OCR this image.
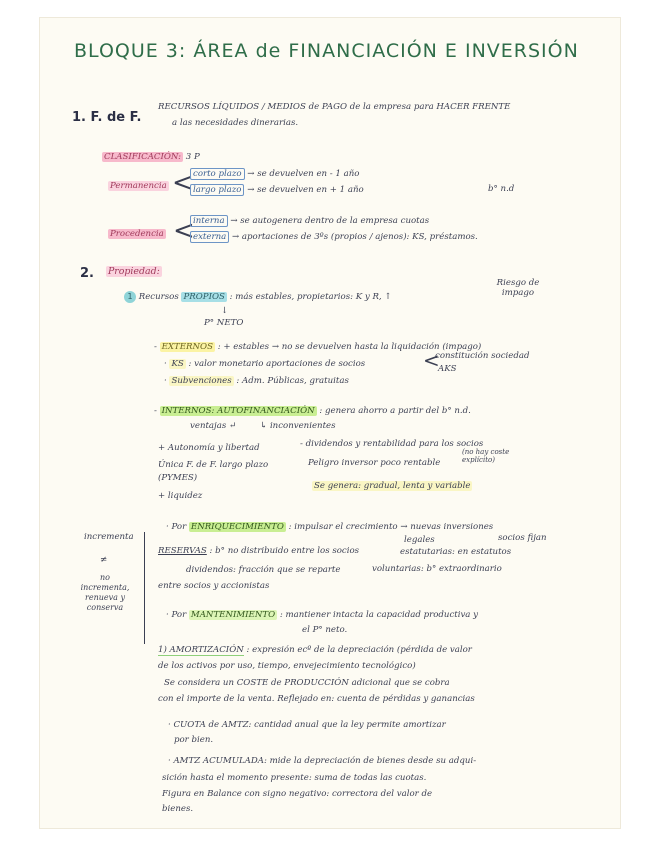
BLOQUE 3: ÁREA de FINANCIACIÓN E INVERSIÓN
1. F. de F.
RECURSOS LÍQUIDOS / MEDIOS de PAGO de la empresa para HACER FRENTE
a las necesidades dinerarias.
CLASIFICACIÓN: 3 P
Permanencia < corto plazo → se devuelven en - 1 año
largo plazo → se devuelven en + 1 año	b° n.d
Procedencia <
interna → se autogenera dentro de la empresa cuotas
externa → aportaciones de 3ºs (propios / ajenos): KS, préstamos.
2. Propiedad:
1 Recursos PROPIOS : más estables, propietarios: K y R, ↑
Riesgo de impago
↓
P° NETO
- EXTERNOS : + estables → no se devuelven hasta la liquidación (impago)
· KS : valor monetario aportaciones de socios	<
constitución sociedad
AKS
· Subvenciones : Adm. Públicas, gratuitas
- INTERNOS: AUTOFINANCIACIÓN : genera ahorro a partir del b° n.d.
ventajas ↵	↳ inconvenientes
+ Autonomía y libertad	- dividendos y rentabilidad para los socios
Única F. de F. largo plazo	Peligro inversor poco rentable
(no hay coste explícito)
(PYMES)
Se genera: gradual, lenta y variable
+ liquidez
incrementa
≠
no incrementa, renueva y conserva
· Por ENRIQUECIMIENTO : impulsar el crecimiento → nuevas inversiones
RESERVAS : b° no distribuido entre los socios
legales	socios fijan
estatutarias: en estatutos
dividendos: fracción que se reparte	voluntarias: b° extraordinario
entre socios y accionistas
· Por MANTENIMIENTO : mantiener intacta la capacidad productiva y
el P° neto.
1) AMORTIZACIÓN : expresión ecº de la depreciación (pérdida de valor
de los activos por uso, tiempo, envejecimiento tecnológico)
Se considera un COSTE de PRODUCCIÓN adicional que se cobra
con el importe de la venta. Reflejado en: cuenta de pérdidas y ganancias
· CUOTA de AMTZ: cantidad anual que la ley permite amortizar
por bien.
· AMTZ ACUMULADA: mide la depreciación de bienes desde su adqui-
sición hasta el momento presente: suma de todas las cuotas.
Figura en Balance con signo negativo: correctora del valor de
bienes.
